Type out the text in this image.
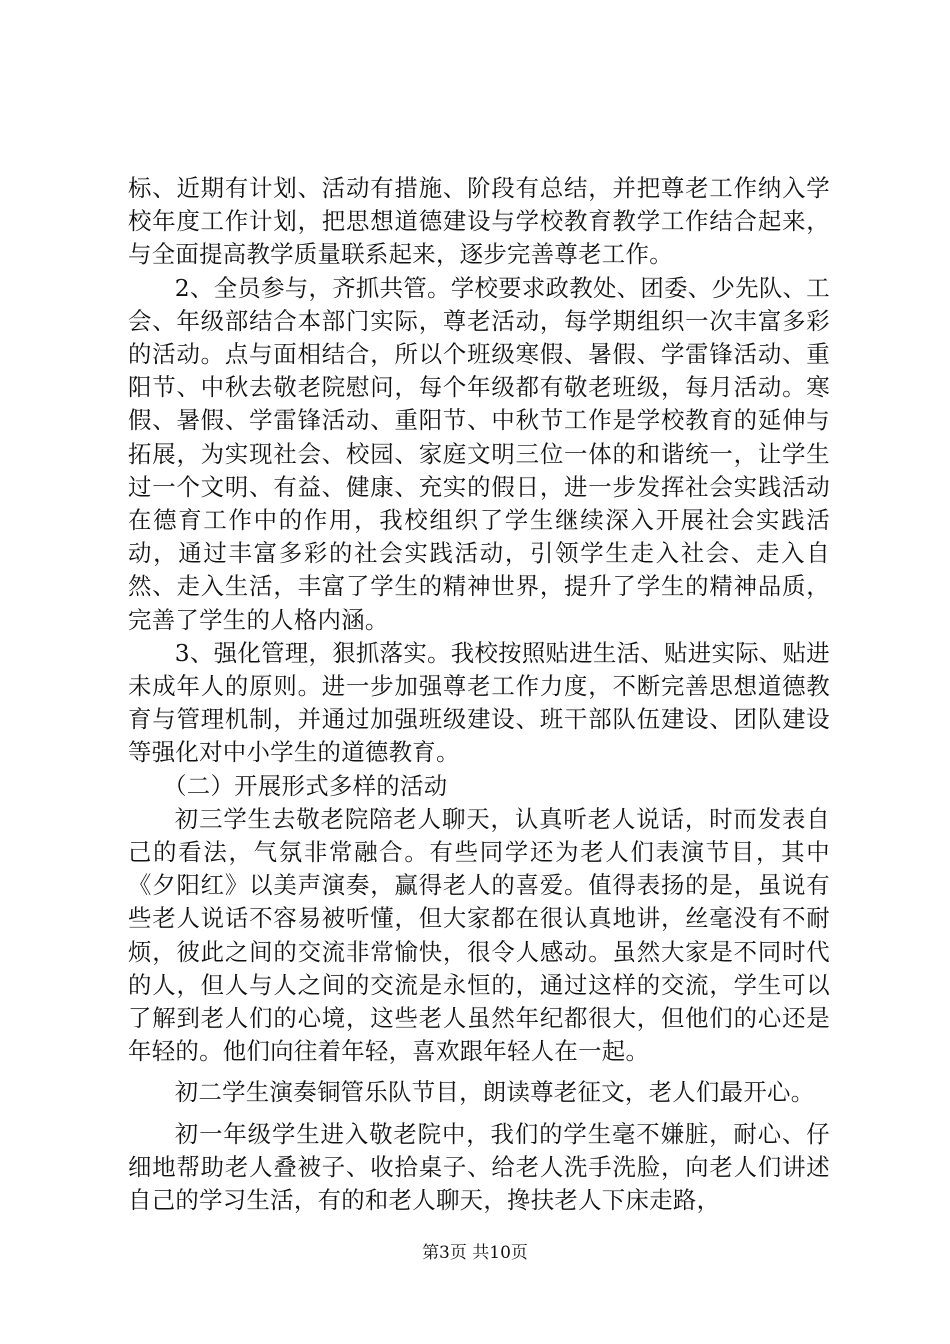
标、近期有计划、活动有措施、阶段有总结，并把尊老工作纳入学校年度工作计划，把思想道德建设与学校教育教学工作结合起来，与全面提高教学质量联系起来，逐步完善尊老工作。

2、全员参与，齐抓共管。学校要求政教处、团委、少先队、工会、年级部结合本部门实际，尊老活动，每学期组织一次丰富多彩的活动。点与面相结合，所以个班级寒假、暑假、学雷锋活动、重阳节、中秋去敬老院慰问，每个年级都有敬老班级，每月活动。寒假、暑假、学雷锋活动、重阳节、中秋节工作是学校教育的延伸与拓展，为实现社会、校园、家庭文明三位一体的和谐统一，让学生过一个文明、有益、健康、充实的假日，进一步发挥社会实践活动在德育工作中的作用，我校组织了学生继续深入开展社会实践活动，通过丰富多彩的社会实践活动，引领学生走入社会、走入自然、走入生活，丰富了学生的精神世界，提升了学生的精神品质，完善了学生的人格内涵。

3、强化管理，狠抓落实。我校按照贴进生活、贴进实际、贴进未成年人的原则。进一步加强尊老工作力度，不断完善思想道德教育与管理机制，并通过加强班级建设、班干部队伍建设、团队建设等强化对中小学生的道德教育。

（二）开展形式多样的活动

初三学生去敬老院陪老人聊天，认真听老人说话，时而发表自己的看法，气氛非常融合。有些同学还为老人们表演节目，其中《夕阳红》以美声演奏，赢得老人的喜爱。值得表扬的是，虽说有些老人说话不容易被听懂，但大家都在很认真地讲，丝毫没有不耐烦，彼此之间的交流非常愉快，很令人感动。虽然大家是不同时代的人，但人与人之间的交流是永恒的，通过这样的交流，学生可以了解到老人们的心境，这些老人虽然年纪都很大，但他们的心还是年轻的。他们向往着年轻，喜欢跟年轻人在一起。

初二学生演奏铜管乐队节目，朗读尊老征文，老人们最开心。

初一年级学生进入敬老院中，我们的学生毫不嫌脏，耐心、仔细地帮助老人叠被子、收拾桌子、给老人洗手洗脸，向老人们讲述自己的学习生活，有的和老人聊天，搀扶老人下床走路，

第3页 共10页
